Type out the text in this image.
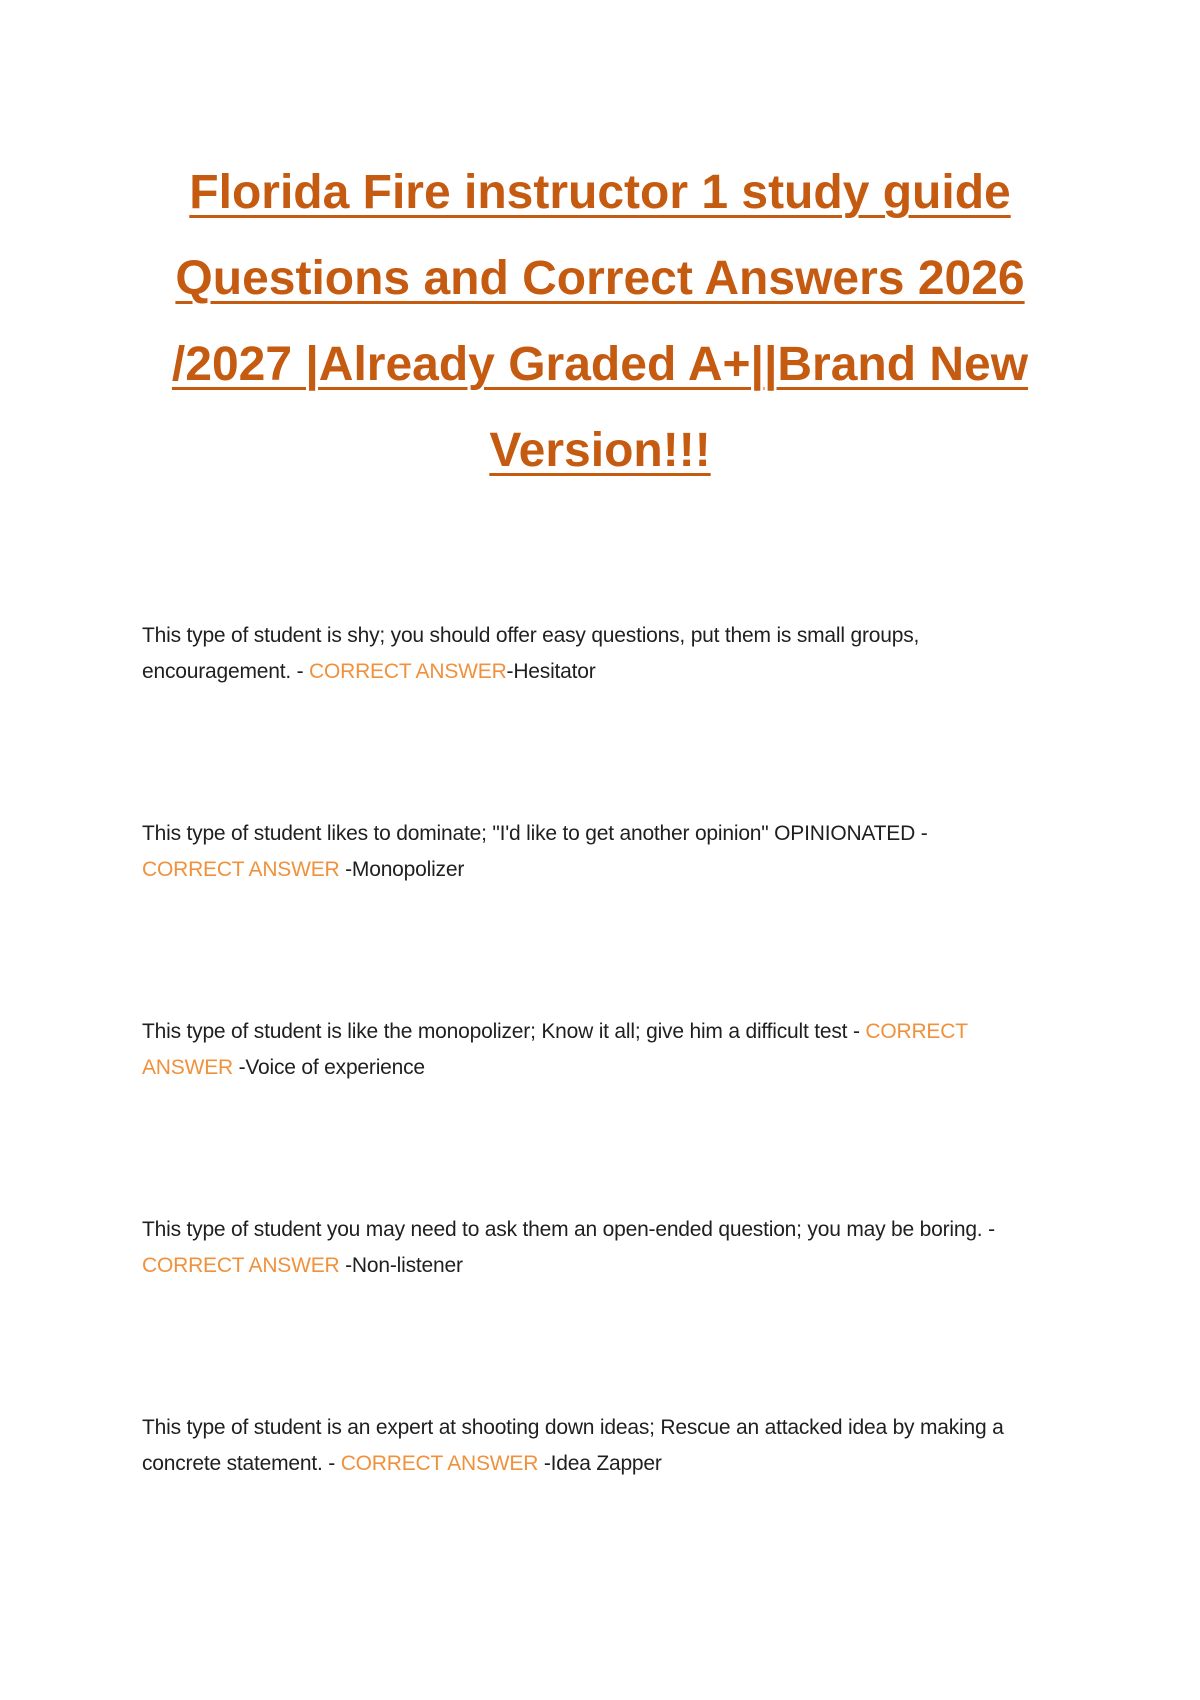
Florida Fire instructor 1 study guide
Questions and Correct Answers 2026
/2027 |Already Graded A+||Brand New
Version!!!
This type of student is shy; you should offer easy questions, put them is small groups,
encouragement. - CORRECT ANSWER-Hesitator
This type of student likes to dominate; "I'd like to get another opinion" OPINIONATED -
CORRECT ANSWER -Monopolizer
This type of student is like the monopolizer; Know it all; give him a difficult test - CORRECT
ANSWER -Voice of experience
This type of student you may need to ask them an open-ended question; you may be boring. -
CORRECT ANSWER -Non-listener
This type of student is an expert at shooting down ideas; Rescue an attacked idea by making a
concrete statement. - CORRECT ANSWER -Idea Zapper
